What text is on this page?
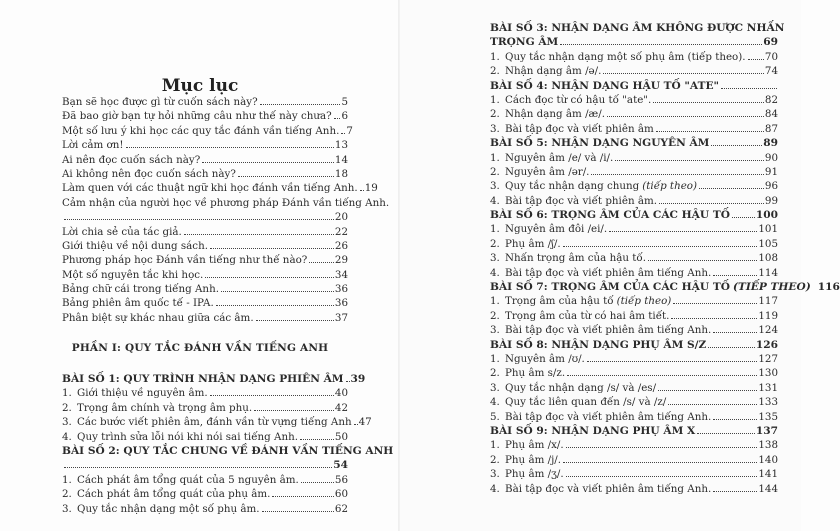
Mục lục
Bạn sẽ học được gì từ cuốn sách này?	5
Đã bao giờ bạn tự hỏi những câu như thế này chưa? 6
Một số lưu ý khi học các quy tắc đánh vần tiếng Anh. 7
Lời cảm ơn!	13
Ai nên đọc cuốn sách này?	14
Ai không nên đọc cuốn sách này?	18
Làm quen với các thuật ngữ khi học đánh vần tiếng Anh. 19
Cảm nhận của người học về phương pháp Đánh vần tiếng Anh.
20
Lời chia sẻ của tác giả.	22
Giới thiệu về nội dung sách.	26
Phương pháp học Đánh vần tiếng như thế nào?	29
Một số nguyên tắc khi học.	34
Bảng chữ cái trong tiếng Anh.	36
Bảng phiên âm quốc tế - IPA.	36
Phân biệt sự khác nhau giữa các âm.	37
PHẦN I: QUY TẮC ĐÁNH VẦN TIẾNG ANH
BÀI SỐ 1: QUY TRÌNH NHẬN DẠNG PHIÊN ÂM 39
1. Giới thiệu về nguyên âm.	40
2. Trọng âm chính và trọng âm phụ.	42
3. Các bước viết phiên âm, đánh vần từ vựng tiếng Anh 47
4. Quy trình sửa lỗi nói khi nói sai tiếng Anh.	50
BÀI SỐ 2: QUY TẮC CHUNG VỀ ĐÁNH VẦN TIẾNG ANH
54
1. Cách phát âm tổng quát của 5 nguyên âm.	56
2. Cách phát âm tổng quát của phụ âm.	60
3. Quy tắc nhận dạng một số phụ âm.	62
BÀI SỐ 3: NHẬN DẠNG ÂM KHÔNG ĐƯỢC NHẤN
TRỌNG ÂM	69
1. Quy tắc nhận dạng một số phụ âm (tiếp theo). 70
2. Nhận dạng âm /ə/.	74
BÀI SỐ 4: NHẬN DẠNG HẬU TỐ "ATE"
1. Cách đọc từ có hậu tố "ate".	82
2. Nhận dạng âm /æ/.	84
3. Bài tập đọc và viết phiên âm	87
BÀI SỐ 5: NHẬN DẠNG NGUYÊN ÂM	89
1. Nguyên âm /e/ và /i/.	90
2. Nguyên âm /ər/.	91
3. Quy tắc nhận dạng chung (tiếp theo)	96
4. Bài tập đọc và viết phiên âm.	99
BÀI SỐ 6: TRỌNG ÂM CỦA CÁC HẬU TỐ 100
1. Nguyên âm đôi /ei/.	101
2. Phụ âm /ʃ/.	105
3. Nhấn trọng âm của hậu tố.	108
4. Bài tập đọc và viết phiên âm tiếng Anh.	114
BÀI SỐ 7: TRỌNG ÂM CỦA CÁC HẬU TỐ (TIẾP THEO) 116
1. Trọng âm của hậu tố (tiếp theo)	117
2. Trọng âm của từ có hai âm tiết.	119
3. Bài tập đọc và viết phiên âm tiếng Anh.	124
BÀI SỐ 8: NHẬN DẠNG PHỤ ÂM S/Z	126
1. Nguyên âm /ʊ/.	127
2. Phụ âm s/z.	130
3. Quy tắc nhận dạng /s/ và /es/	131
4. Quy tắc liên quan đến /s/ và /z/	133
5. Bài tập đọc và viết phiên âm tiếng Anh.	135
BÀI SỐ 9: NHẬN DẠNG PHỤ ÂM X	137
1. Phụ âm /x/.	138
2. Phụ âm /j/.	140
3. Phụ âm /ʒ/.	141
4. Bài tập đọc và viết phiên âm tiếng Anh.	144
